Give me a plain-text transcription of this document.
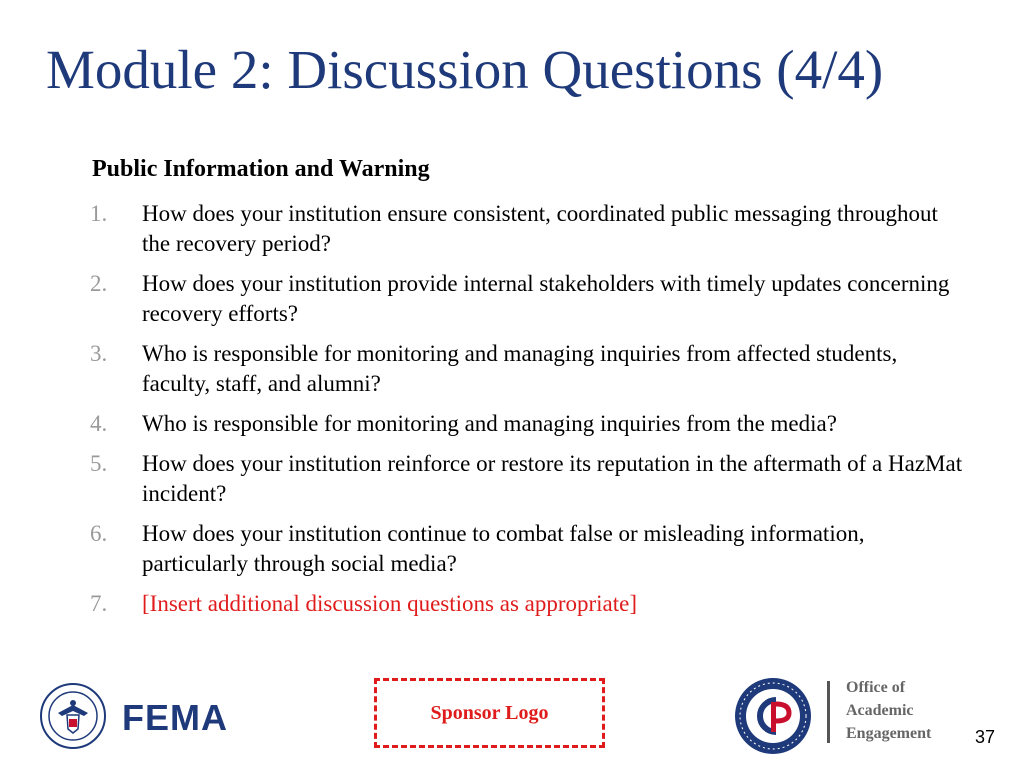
Module 2: Discussion Questions (4/4)
Public Information and Warning
1.	How does your institution ensure consistent, coordinated public messaging throughout the recovery period?
2.	How does your institution provide internal stakeholders with timely updates concerning recovery efforts?
3.	Who is responsible for monitoring and managing inquiries from affected students, faculty, staff, and alumni?
4.	Who is responsible for monitoring and managing inquiries from the media?
5.	How does your institution reinforce or restore its reputation in the aftermath of a HazMat incident?
6.	How does your institution continue to combat false or misleading information, particularly through social media?
7.	[Insert additional discussion questions as appropriate]
FEMA	Sponsor Logo
Office of
Academic
Engagement 37
